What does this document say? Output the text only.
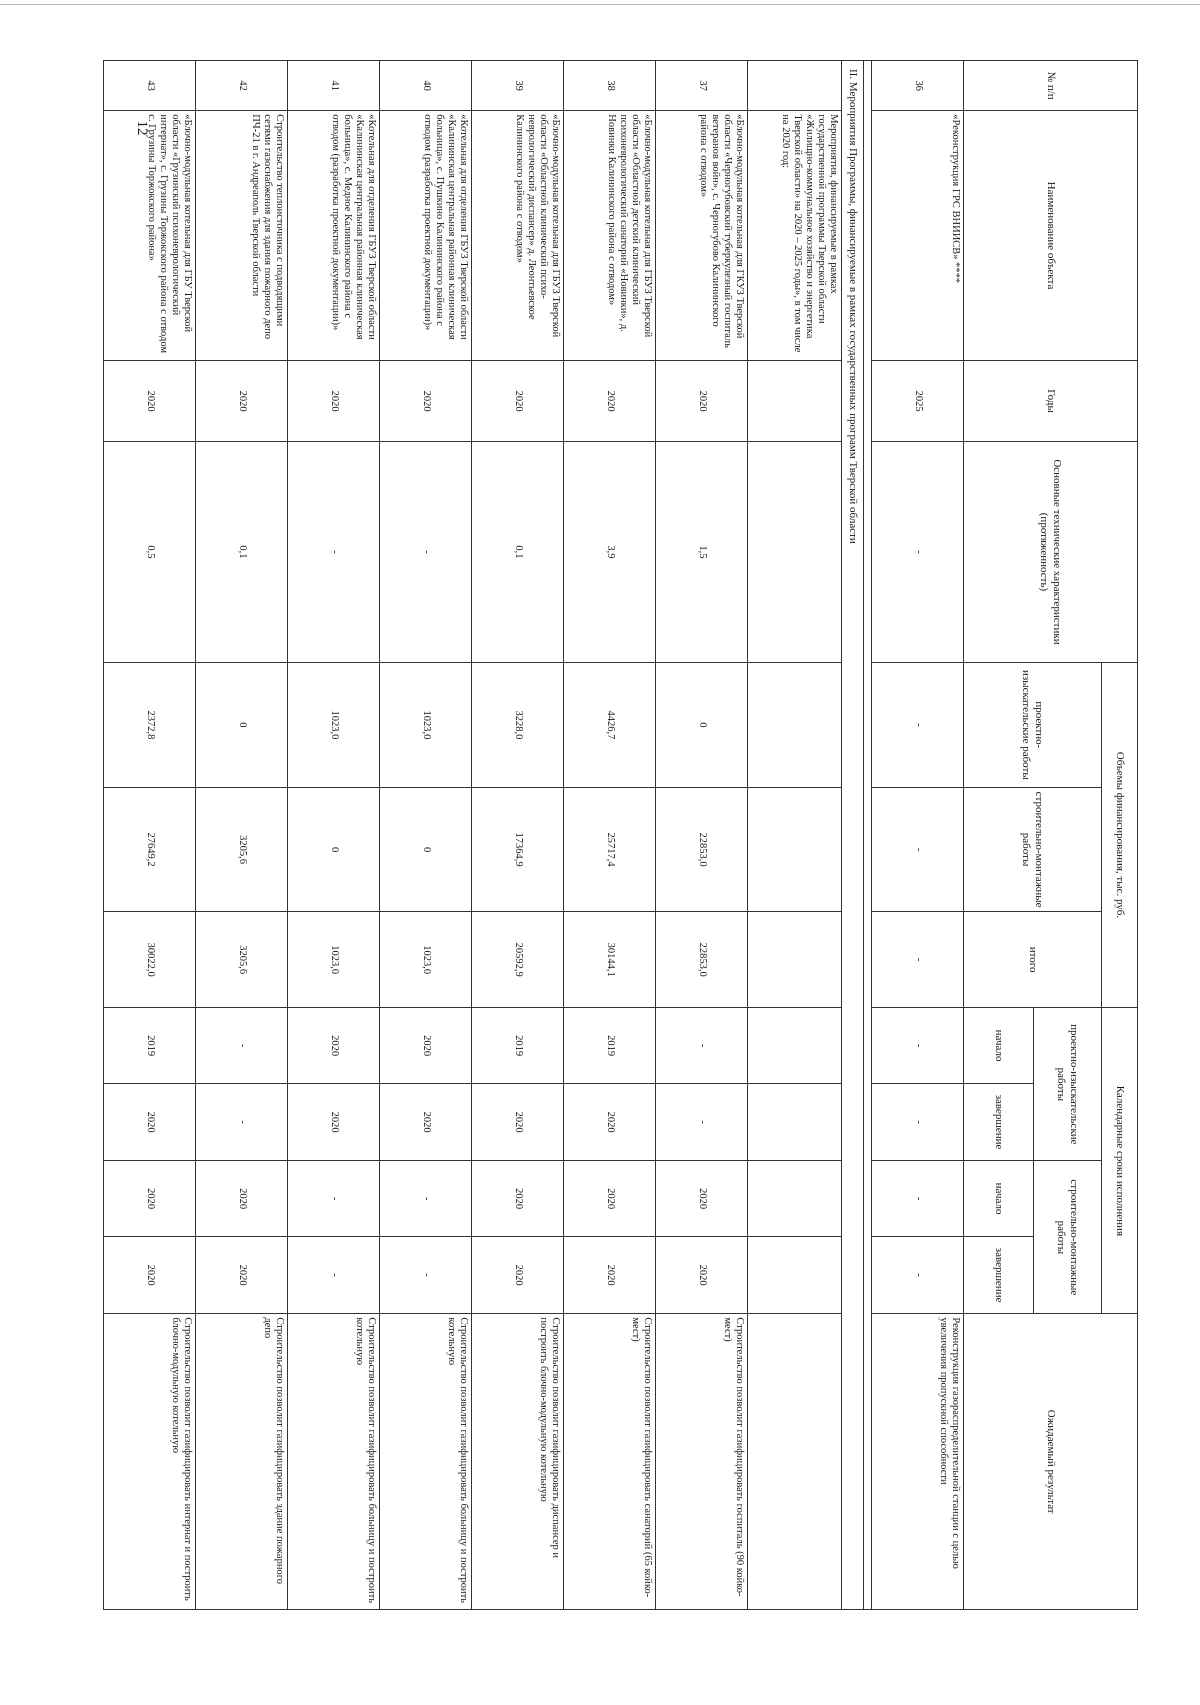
12
№ п/п	Наименование объекта	Годы	Основные технические характеристики (протяженность)	Объемы финансирования, тыс. руб.			Календарные сроки исполнения				Ожидаемый результат
				проектно-изыскательские работы	строительно-монтажные работы	итого	проектно-изыскательские работы		строительно-монтажные работы		
							начало	завершение	начало	завершение	
36	«Реконструкция ГРС ВНИИСВ» ****	2025	-	-	-	-	-	-	-	-	Реконструкция газораспределительной станции с целью увеличения пропускной способности

II. Мероприятия Программы, финансируемые в рамках государственных программ Тверской области											
	Мероприятия, финансируемые в рамках государственной программы Тверской области «Жилищно-коммунальное хозяйство и энергетика Тверской области» на 2020 – 2025 годы», в том числе на 2020 год:										
37	«Блочно-модульная котельная для ГКУЗ Тверской области «Черногубовский туберкулезный госпиталь ветеранов войн», с. Черногубово Калининского района с отводом»	2020	1,5	0	22853,0	22853,0	-	-	2020	2020	Строительство позволит газифицировать госпиталь (90 койко-мест)
38	«Блочно-модульная котельная для ГБУЗ Тверской области «Областной детский клинический психоневрологический санаторий «Новинки», д. Новинки Калининского района с отводом»	2020	3,9	4426,7	25717,4	30144,1	2019	2020	2020	2020	Строительство позволит газифицировать санаторий (65 койко-мест)
39	«Блочно-модульная котельная для ГБУЗ Тверской области «Областной клинический психо-неврологический диспансер» д. Леонтьевское Калининского района с отводом»	2020	0,1	3228,0	17364,9	20592,9	2019	2020	2020	2020	Строительство позволит газифицировать диспансер и построить блочно-модульную котельную
40	«Котельная для отделения ГБУЗ Тверской области «Калининская центральная районная клиническая больница», с. Пушкино Калининского района с отводом (разработка проектной документации)»	2020	-	1023,0	0	1023,0	2020	2020	-	-	Строительство позволит газифицировать больницу и построить котельную
41	«Котельная для отделения ГБУЗ Тверской области «Калининская центральная районная клиническая больница», с. Медное Калининского района с отводом (разработка проектной документации)»	2020	-	1023,0	0	1023,0	2020	2020	-	-	Строительство позволит газифицировать больницу и построить котельную
42	Строительство теплоисточника с подводящими сетями газоснабжения для здания пожарного депо ПЧ-21 в г. Андреаполь Тверской области	2020	0,1	0	3205,6	3205,6	-	-	2020	2020	Строительство позволит газифицировать здание пожарного депо
43	«Блочно-модульная котельная для ГБУ Тверской области «Грузинский психоневрологический интернат», с. Грузины Торжокского района с отводом с. Грузины Торжокского района»	2020	0,5	2372,8	27649,2	30022,0	2019	2020	2020	2020	Строительство позволит газифицировать интернат и построить блочно-модульную котельную
